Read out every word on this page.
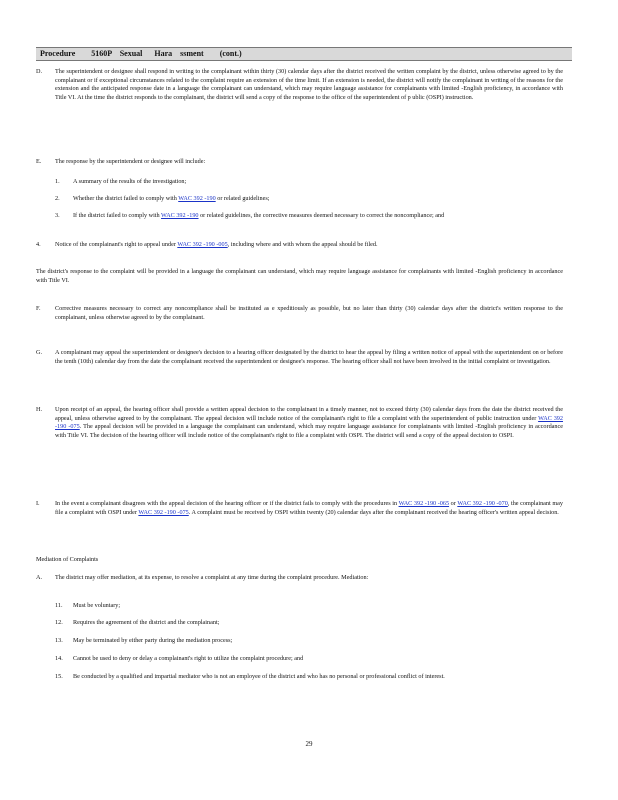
Procedure        5160P    Sexual      Hara    ssment        (cont.)
D. The superintendent or designee shall respond in writing to the complainant within thirty (30) calendar days after the district received the written complaint by the district, unless otherwise agreed to by the complainant or if exceptional circumstances related to the complaint require an extension of the time limit. If an extension is needed, the district will notify the complainant in writing of the reasons for the extension and the anticipated response date in a language the complainant can understand, which may require language assistance for complainants with limited -English proficiency, in accordance with Title VI. At the time the district responds to the complainant, the district will send a copy of the response to the office of the superintendent of p ublic (OSPI) instruction.
E. The response by the superintendent or designee will include:
1. A summary of the results of the investigation;
2. Whether the district failed to comply with WAC 392 -190 or related guidelines;
3. If the district failed to comply with WAC 392 -190 or related guidelines, the corrective measures deemed necessary to correct the noncompliance; and
4. Notice of the complainant's right to appeal under WAC 392 -190 -005, including where and with whom the appeal should be filed.
The district's response to the complaint will be provided in a language the complainant can understand, which may require language assistance for complainants with limited -English proficiency in accordance with Title VI.
F. Corrective measures necessary to correct any noncompliance shall be instituted as e xpeditiously as possible, but no later than thirty (30) calendar days after the district's written response to the complainant, unless otherwise agreed to by the complainant.
G. A complainant may appeal the superintendent or designee's decision to a hearing officer designated by the district to hear the appeal by filing a written notice of appeal with the superintendent on or before the tenth (10th) calendar day from the date the complainant received the superintendent or designee's response. The hearing officer shall not have been involved in the initial complaint or investigation.
H. Upon receipt of an appeal, the hearing officer shall provide a written appeal decision to the complainant in a timely manner, not to exceed thirty (30) calendar days from the date the district received the appeal, unless otherwise agreed to by the complainant. The appeal decision will include notice of the complainant's right to file a complaint with the superintendent of public instruction under WAC 392 -190 -075. The appeal decision will be provided in a language the complainant can understand, which may require language assistance for complainants with limited -English proficiency in accordance with Title VI. The decision of the hearing officer will include notice of the complainant's right to file a complaint with OSPI. The district will send a copy of the appeal decision to OSPI.
I. In the event a complainant disagrees with the appeal decision of the hearing officer or if the district fails to comply with the procedures in WAC 392 -190 -065 or WAC 392 -190 -070, the complainant may file a complaint with OSPI under WAC 392 -190 -075. A complaint must be received by OSPI within twenty (20) calendar days after the complainant received the hearing officer's written appeal decision.
Mediation of Complaints
A. The district may offer mediation, at its expense, to resolve a complaint at any time during the complaint procedure. Mediation:
11. Must be voluntary;
12. Requires the agreement of the district and the complainant;
13. May be terminated by either party during the mediation process;
14. Cannot be used to deny or delay a complainant's right to utilize the complaint procedure; and
15. Be conducted by a qualified and impartial mediator who is not an employee of the district and who has no personal or professional conflict of interest.
29
